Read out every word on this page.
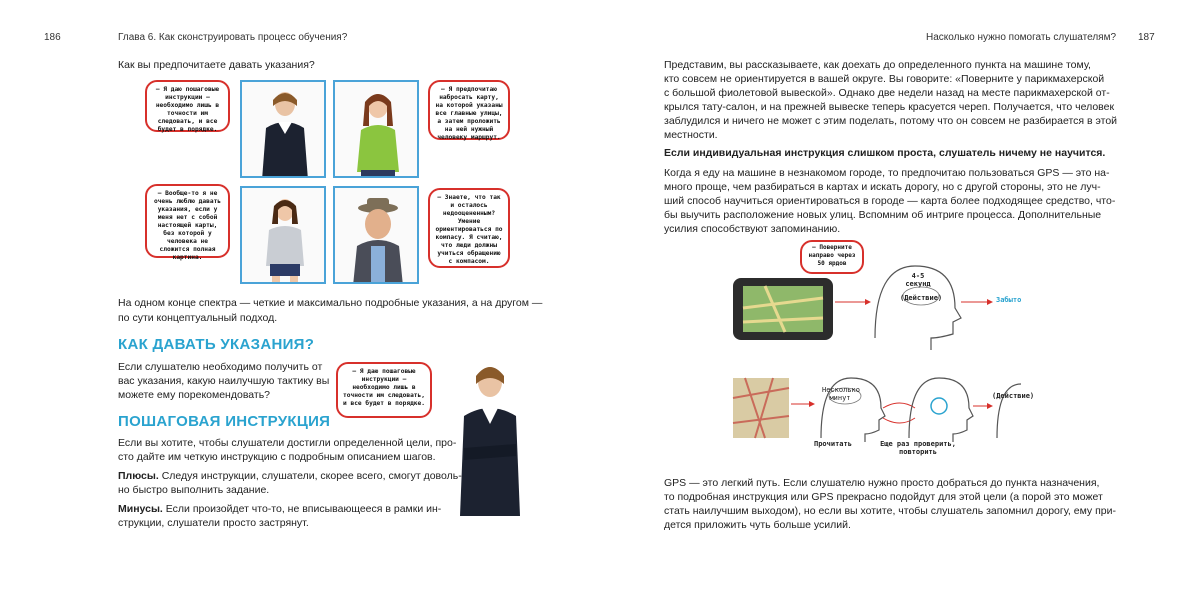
186	Глава 6. Как сконструировать процесс обучения?
Как вы предпочитаете давать указания?
— Я даю пошаговые инструкции — необходимо лишь в точности им следовать, и все будет в порядке.
— Я предпочитаю набросать карту, на которой указаны все главные улицы, а затем проложить на ней нужный человеку маршрут.
— Вообще-то я не очень люблю давать указания, если у меня нет с собой настоящей карты, без которой у человека не сложится полная картина.
— Знаете, что так и осталось недооцененным? Умение ориентироваться по компасу. Я считаю, что люди должны учиться обращению с компасом.
На одном конце спектра — четкие и максимально подробные указания, а на другом —
по сути концептуальный подход.
КАК ДАВАТЬ УКАЗАНИЯ?
Если слушателю необходимо получить от
вас указания, какую наилучшую тактику вы
можете ему порекомендовать?
— Я даю пошаговые инструкции — необходимо лишь в точности им следовать, и все будет в порядке.
ПОШАГОВАЯ ИНСТРУКЦИЯ
Если вы хотите, чтобы слушатели достигли определенной цели, про-
сто дайте им четкую инструкцию с подробным описанием шагов.
Плюсы. Следуя инструкции, слушатели, скорее всего, смогут доволь-
но быстро выполнить задание.
Минусы. Если произойдет что-то, не вписывающееся в рамки ин-
струкции, слушатели просто застрянут.
Насколько нужно помогать слушателям? 187
Представим, вы рассказываете, как доехать до определенного пункта на машине тому,
кто совсем не ориентируется в вашей округе. Вы говорите: «Поверните у парикмахерской
с большой фиолетовой вывеской». Однако две недели назад на месте парикмахерской от-
крылся тату-салон, и на прежней вывеске теперь красуется череп. Получается, что человек
заблудился и ничего не может с этим поделать, потому что он совсем не разбирается в этой
местности.
Если индивидуальная инструкция слишком проста, слушатель ничему не научится.
Когда я еду на машине в незнакомом городе, то предпочитаю пользоваться GPS — это на-
много проще, чем разбираться в картах и искать дорогу, но с другой стороны, это не луч-
ший способ научиться ориентироваться в городе — карта более подходящее средство, что-
бы выучить расположение новых улиц. Вспомним об интриге процесса. Дополнительные
усилия способствуют запоминанию.
— Поверните направо через 50 ярдов
4-5 секунд
(Действие)	Забыто
Несколько минут
Прочитать	Еще раз проверить, повторить
(Действие)
GPS — это легкий путь. Если слушателю нужно просто добраться до пункта назначения,
то подробная инструкция или GPS прекрасно подойдут для этой цели (а порой это может
стать наилучшим выходом), но если вы хотите, чтобы слушатель запомнил дорогу, ему при-
дется приложить чуть больше усилий.
